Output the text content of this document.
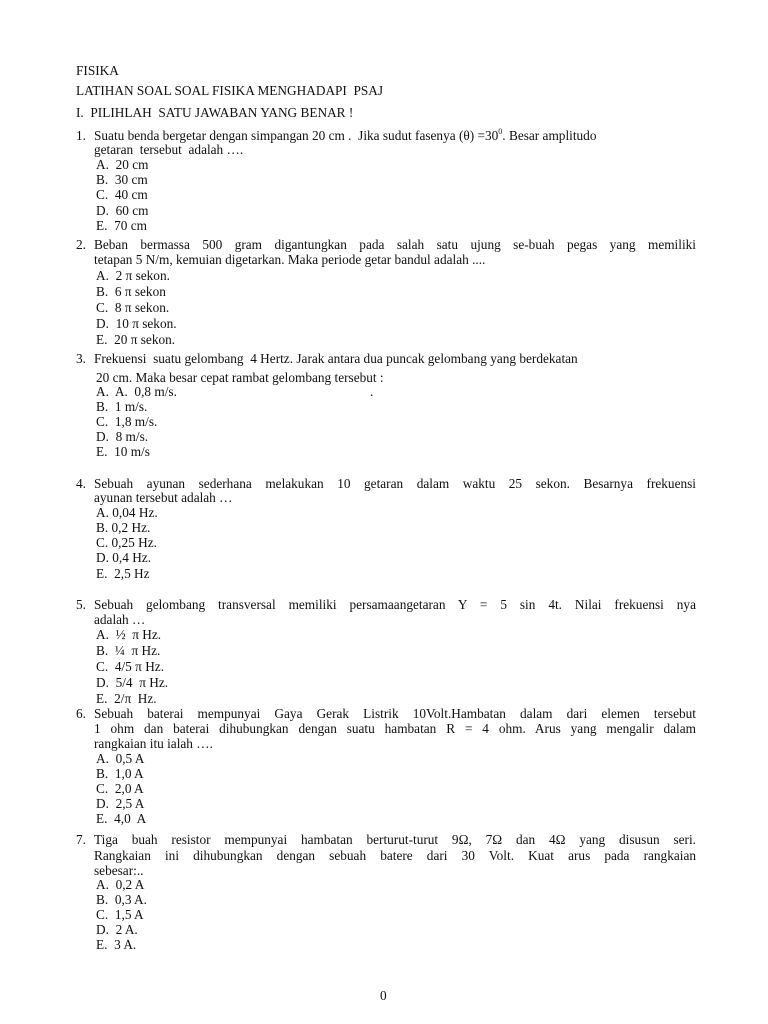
FISIKA
LATIHAN SOAL SOAL FISIKA MENGHADAPI  PSAJ
I.  PILIHLAH  SATU JAWABAN YANG BENAR !
1. Suatu benda bergetar dengan simpangan 20 cm .  Jika sudut fasenya $(\theta) =30^0$. Besar amplitudo
getaran  tersebut  adalah ….
A.  20 cm
B.  30 cm
C.  40 cm
D.  60 cm
E.  70 cm
2. Beban bermassa 500 gram digantungkan pada salah satu ujung se-buah pegas yang memiliki
tetapan 5 N/m, kemuian digetarkan. Maka periode getar bandul adalah ....
A.  2 π sekon.
B.  6 π sekon
C.  8 π sekon.
D.  10 π sekon.
E.  20 π sekon.
3. Frekuensi  suatu gelombang  4 Hertz. Jarak antara dua puncak gelombang yang berdekatan
20 cm. Maka besar cepat rambat gelombang tersebut :
A.  A.  0,8 m/s.	.
B.  1 m/s.
C.  1,8 m/s.
D.  8 m/s.
E.  10 m/s
4. Sebuah ayunan sederhana melakukan 10 getaran dalam waktu 25 sekon. Besarnya frekuensi
ayunan tersebut adalah …
A. 0,04 Hz.
B. 0,2 Hz.
C. 0,25 Hz.
D. 0,4 Hz.
E.  2,5 Hz
5. Sebuah gelombang transversal memiliki persamaangetaran Y = 5 sin 4t. Nilai frekuensi nya
adalah …
A.  ½  π Hz.
B.  ¼  π Hz.
C.  4/5 π Hz.
D.  5/4  π Hz.
E.  2/π  Hz.
6. Sebuah baterai mempunyai Gaya Gerak Listrik 10Volt.Hambatan dalam dari elemen tersebut
1 ohm dan baterai dihubungkan dengan suatu hambatan R = 4 ohm. Arus yang mengalir dalam
rangkaian itu ialah ….
A.  0,5 A
B.  1,0 A
C.  2,0 A
D.  2,5 A
E.  4,0  A
7. Tiga buah resistor mempunyai hambatan berturut-turut 9Ω, 7Ω dan 4Ω yang disusun seri.
Rangkaian ini dihubungkan dengan sebuah batere dari 30 Volt. Kuat arus pada rangkaian
sebesar:..
A.  0,2 A
B.  0,3 A.
C.  1,5 A
D.  2 A.
E.  3 A.
0
